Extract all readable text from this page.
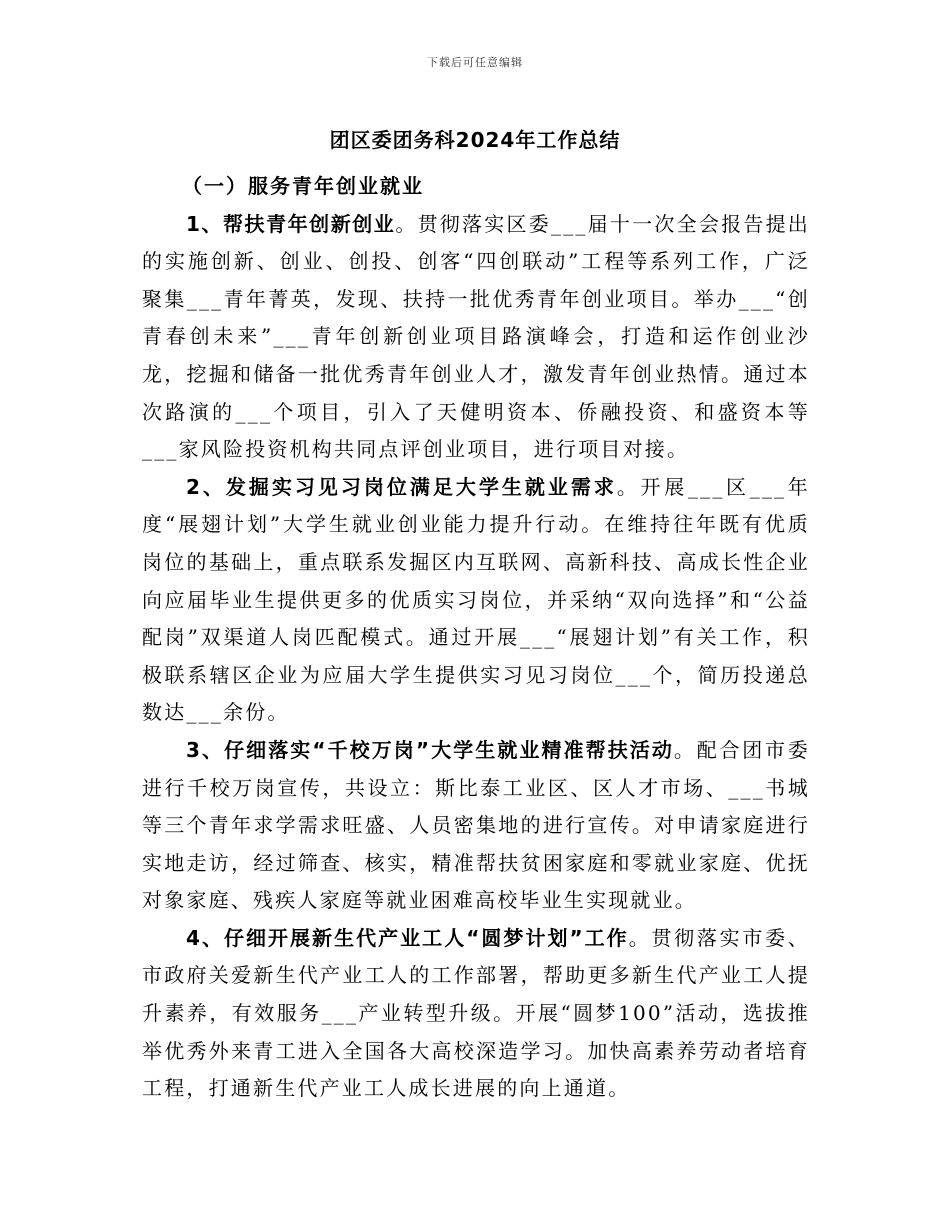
下载后可任意编辑
团区委团务科2024年工作总结

（一）服务青年创业就业

1、帮扶青年创新创业。贯彻落实区委___届十一次全会报告提出的实施创新、创业、创投、创客“四创联动”工程等系列工作，广泛聚集___青年菁英，发现、扶持一批优秀青年创业项目。举办___“创青春创未来”___青年创新创业项目路演峰会，打造和运作创业沙龙，挖掘和储备一批优秀青年创业人才，激发青年创业热情。通过本次路演的___个项目，引入了天健明资本、侨融投资、和盛资本等___家风险投资机构共同点评创业项目，进行项目对接。

2、发掘实习见习岗位满足大学生就业需求。开展___区___年度“展翅计划”大学生就业创业能力提升行动。在维持往年既有优质岗位的基础上，重点联系发掘区内互联网、高新科技、高成长性企业向应届毕业生提供更多的优质实习岗位，并采纳“双向选择”和“公益配岗”双渠道人岗匹配模式。通过开展___“展翅计划”有关工作，积极联系辖区企业为应届大学生提供实习见习岗位___个，简历投递总数达___余份。

3、仔细落实“千校万岗”大学生就业精准帮扶活动。配合团市委进行千校万岗宣传，共设立：斯比泰工业区、区人才市场、___书城等三个青年求学需求旺盛、人员密集地的进行宣传。对申请家庭进行实地走访，经过筛查、核实，精准帮扶贫困家庭和零就业家庭、优抚对象家庭、残疾人家庭等就业困难高校毕业生实现就业。

4、仔细开展新生代产业工人“圆梦计划”工作。贯彻落实市委、市政府关爱新生代产业工人的工作部署，帮助更多新生代产业工人提升素养，有效服务___产业转型升级。开展“圆梦100”活动，选拔推举优秀外来青工进入全国各大高校深造学习。加快高素养劳动者培育工程，打通新生代产业工人成长进展的向上通道。
